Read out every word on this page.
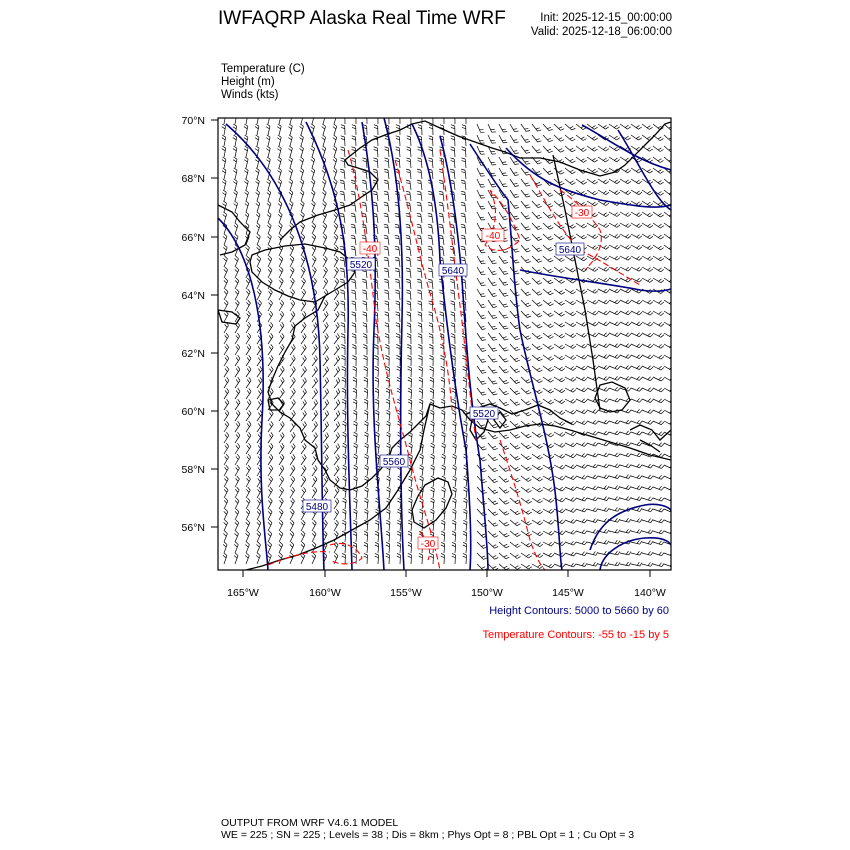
IWFAQRP Alaska Real Time WRF	Init: 2025-12-15_00:00:00
Valid: 2025-12-18_06:00:00
Temperature (C)
Height (m)
Winds (kts)
70°N
68°N
66°N
64°N
62°N
60°N
58°N
56°N
165°W	160°W	155°W	150°W	145°W	140°W
5520
5640
5640
5520
5560
5480
-40
-40
-30
-30
Height Contours: 5000 to 5660 by 60
Temperature Contours: -55 to -15 by 5
OUTPUT FROM WRF V4.6.1 MODEL
WE = 225 ; SN = 225 ; Levels = 38 ; Dis = 8km ; Phys Opt = 8 ; PBL Opt = 1 ; Cu Opt = 3
